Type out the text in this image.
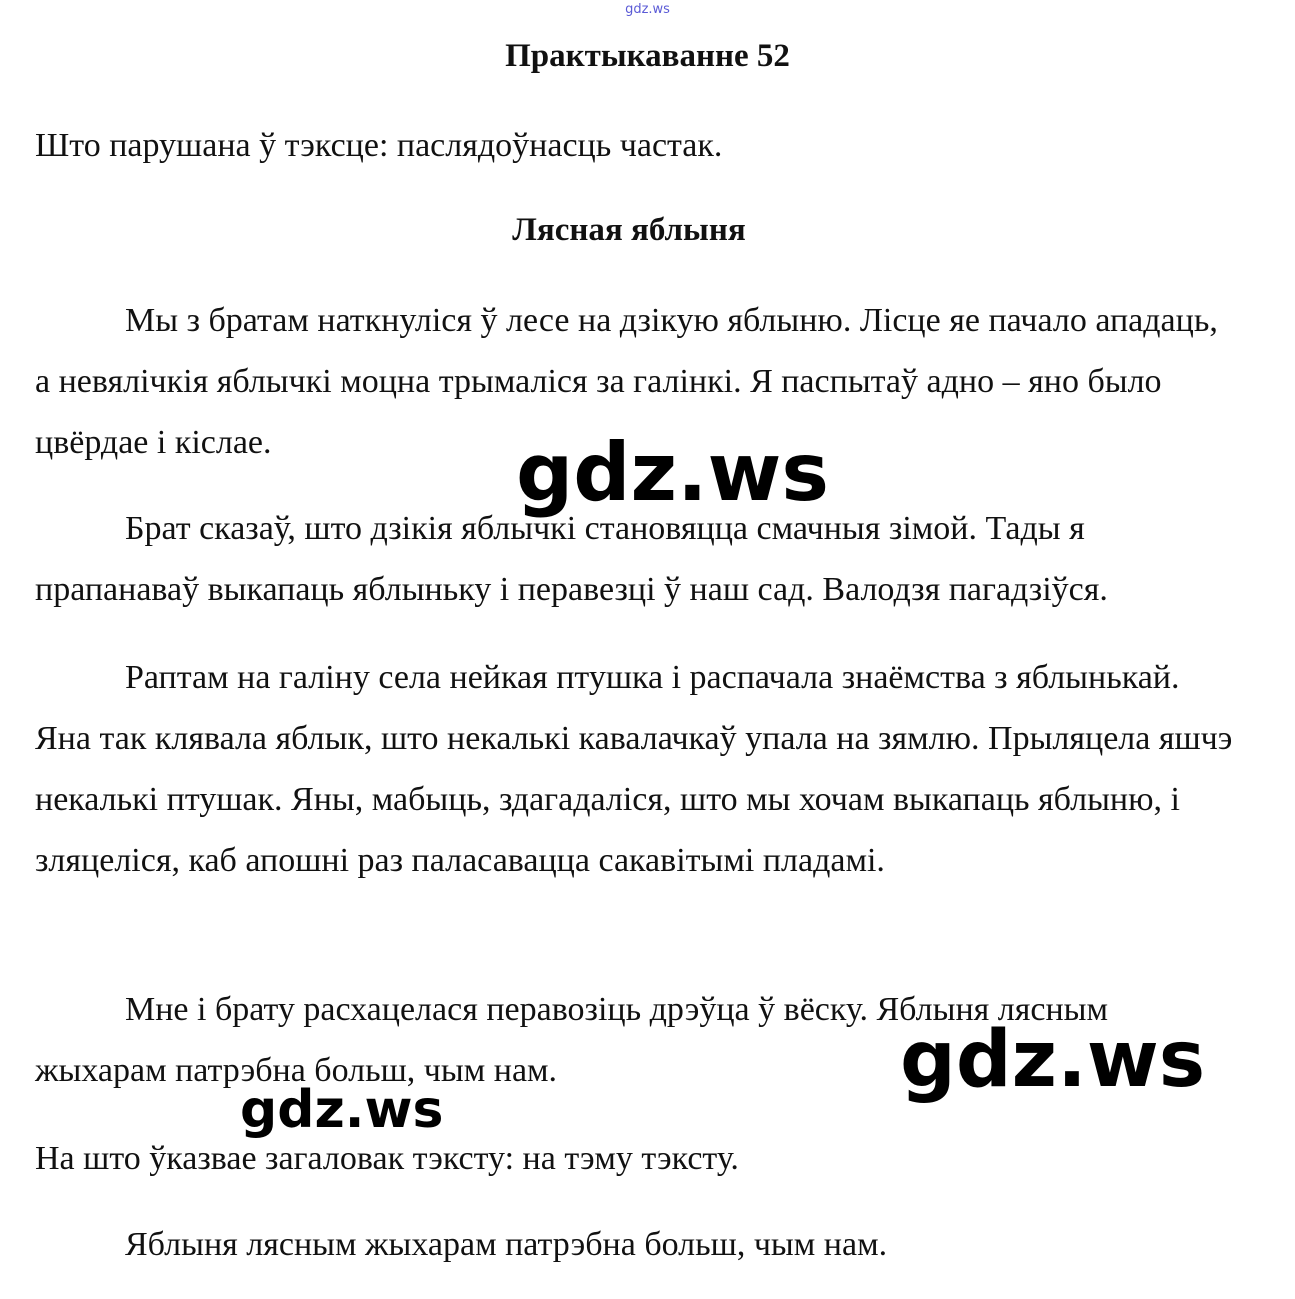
gdz.ws
Практыкаванне 52
Што парушана ў тэксце: паслядоўнасць частак.
Лясная яблыня

Мы з братам наткнуліся ў лесе на дзікую яблыню. Лісце яе пачало ападаць, а невялічкія яблычкі моцна трымаліся за галінкі. Я паспытаў адно – яно было цвёрдае і кіслае.

Брат сказаў, што дзікія яблычкі становяцца смачныя зімой. Тады я прапанаваў выкапаць яблыньку і перавезці ў наш сад. Валодзя пагадзіўся.

Раптам на галіну села нейкая птушка і распачала знаёмства з яблынькай. Яна так клявала яблык, што некалькі кавалачкаў упала на зямлю. Прыляцела яшчэ некалькі птушак. Яны, мабыць, здагадаліся, што мы хочам выкапаць яблыню, і зляцеліся, каб апошні раз паласавацца сакавітымі пладамі.

Мне і брату расхацелася перавозіць дрэўца ў вёску. Яблыня лясным жыхарам патрэбна больш, чым нам.

На што ўказвае загаловак тэксту: на тэму тэксту.
Яблыня лясным жыхарам патрэбна больш, чым нам.
gdz.ws
gdz.ws
gdz.ws
